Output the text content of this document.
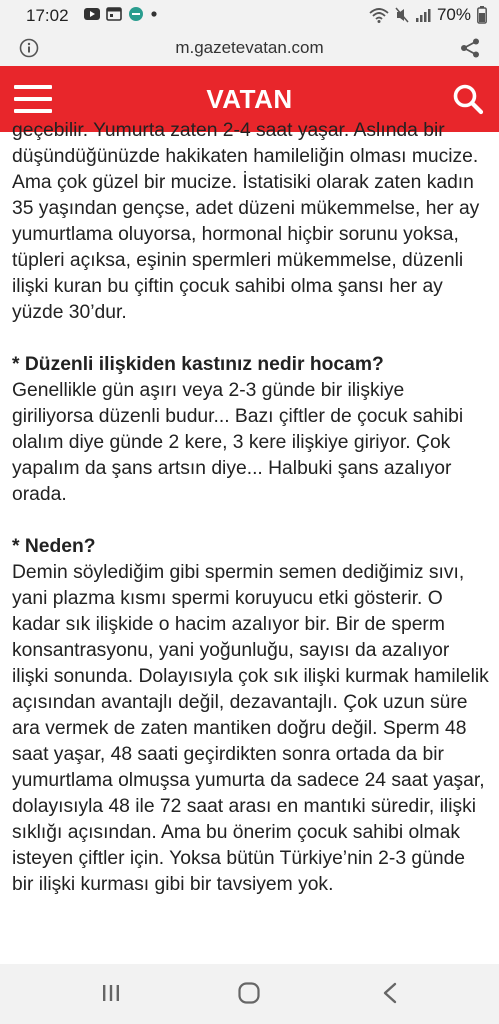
17:02	70%
m.gazetevatan.com
VATAN

geçebilir. Yumurta zaten 2-4 saat yaşar. Aslında bir

düşündüğünüzde hakikaten hamileliğin olması mucize. Ama çok güzel bir mucize. İstatisiki olarak zaten kadın 35 yaşından gençse, adet düzeni mükemmelse, her ay yumurtlama oluyorsa, hormonal hiçbir sorunu yoksa, tüpleri açıksa, eşinin spermleri mükemmelse, düzenli ilişki kuran bu çiftin çocuk sahibi olma şansı her ay yüzde 30’dur.

* Düzenli ilişkiden kastınız nedir hocam?

Genellikle gün aşırı veya 2-3 günde bir ilişkiye giriliyorsa düzenli budur... Bazı çiftler de çocuk sahibi olalım diye günde 2 kere, 3 kere ilişkiye giriyor. Çok yapalım da şans artsın diye... Halbuki şans azalıyor orada.

* Neden?

Demin söylediğim gibi spermin semen dediğimiz sıvı, yani plazma kısmı spermi koruyucu etki gösterir. O kadar sık ilişkide o hacim azalıyor bir. Bir de sperm konsantrasyonu, yani yoğunluğu, sayısı da azalıyor ilişki sonunda. Dolayısıyla çok sık ilişki kurmak hamilelik açısından avantajlı değil, dezavantajlı. Çok uzun süre ara vermek de zaten mantiken doğru değil. Sperm 48 saat yaşar, 48 saati geçirdikten sonra ortada da bir yumurtlama olmuşsa yumurta da sadece 24 saat yaşar, dolayısıyla 48 ile 72 saat arası en mantıki süredir, ilişki sıklığı açısından. Ama bu önerim çocuk sahibi olmak isteyen çiftler için. Yoksa bütün Türkiye’nin 2-3 günde bir ilişki kurması gibi bir tavsiyem yok.
